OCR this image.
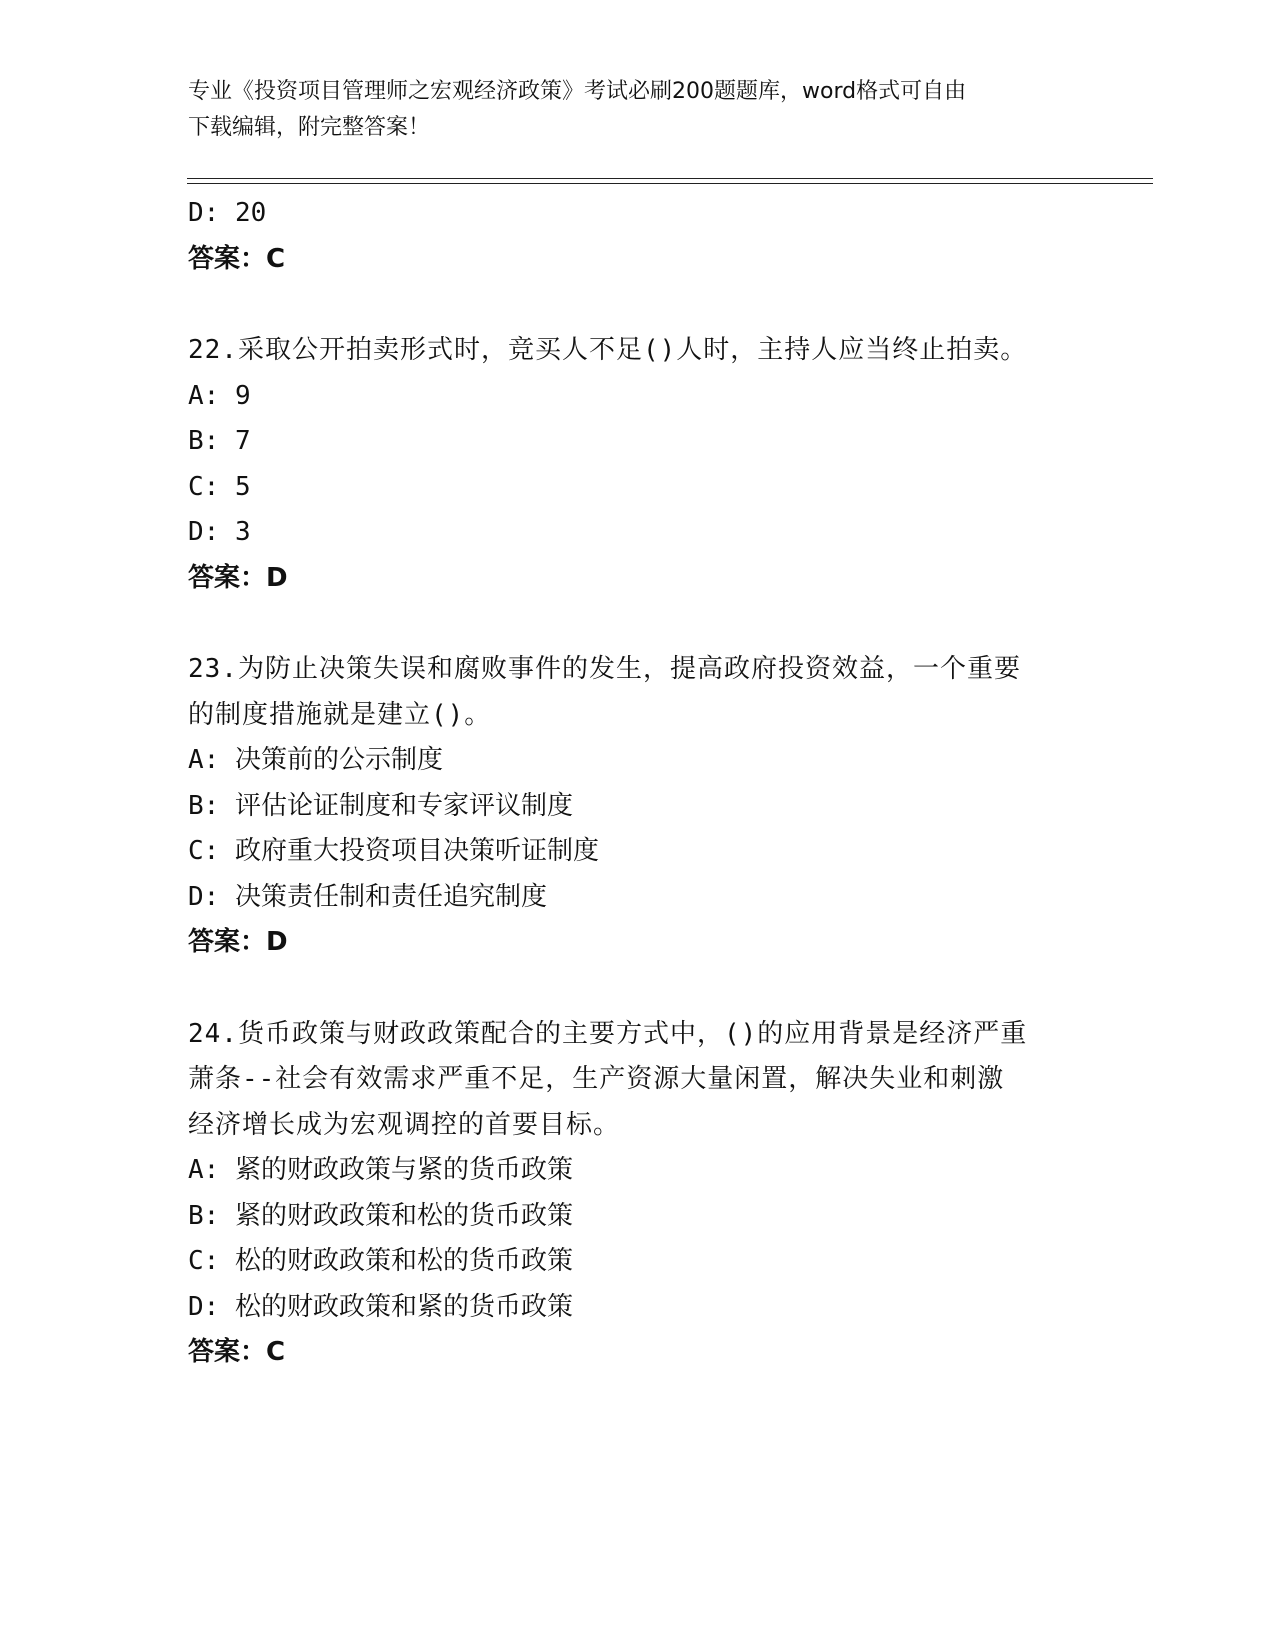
专业《投资项目管理师之宏观经济政策》考试必刷200题题库，word格式可自由
下载编辑，附完整答案！

D: 20

答案：C

22.采取公开拍卖形式时，竞买人不足()人时，主持人应当终止拍卖。

A: 9

B: 7

C: 5

D: 3

答案：D

23.为防止决策失误和腐败事件的发生，提高政府投资效益，一个重要

的制度措施就是建立()。

A: 决策前的公示制度

B: 评估论证制度和专家评议制度

C: 政府重大投资项目决策听证制度

D: 决策责任制和责任追究制度

答案：D

24.货币政策与财政政策配合的主要方式中，()的应用背景是经济严重

萧条--社会有效需求严重不足，生产资源大量闲置，解决失业和刺激

经济增长成为宏观调控的首要目标。

A: 紧的财政政策与紧的货币政策

B: 紧的财政政策和松的货币政策

C: 松的财政政策和松的货币政策

D: 松的财政政策和紧的货币政策

答案：C
